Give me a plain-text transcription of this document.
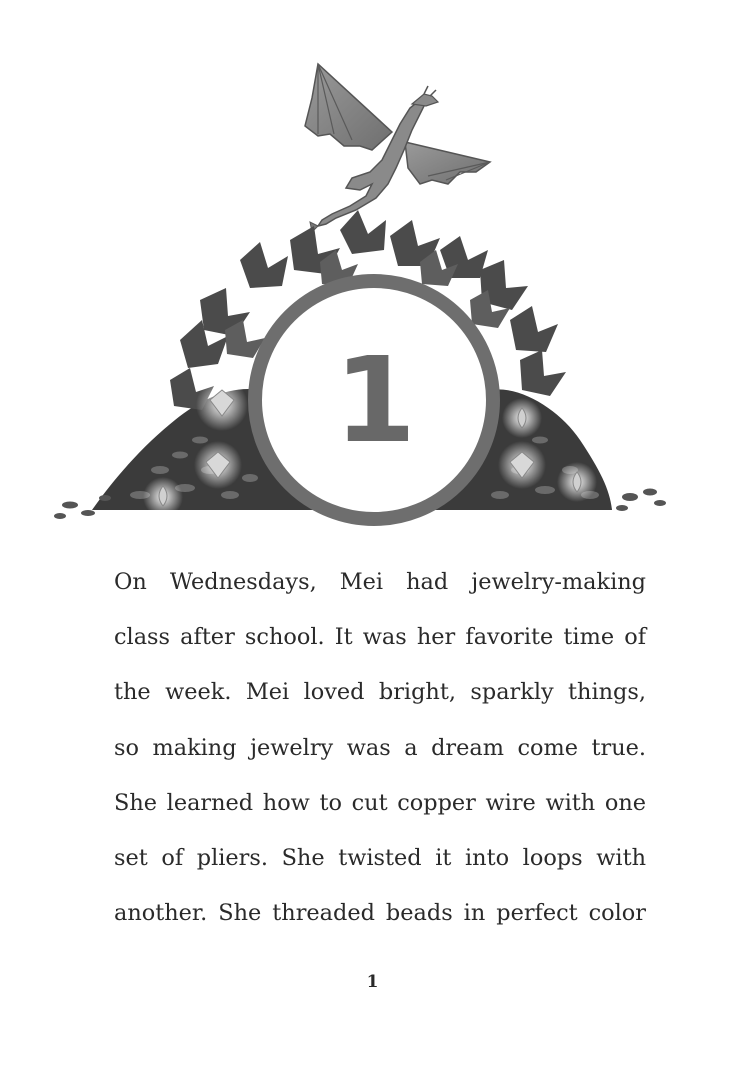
1
On Wednesdays, Mei had jewelry-making
class after school. It was her favorite time of
the week. Mei loved bright, sparkly things,
so making jewelry was a dream come true.
She learned how to cut copper wire with one
set of pliers. She twisted it into loops with
another. She threaded beads in perfect color
1
